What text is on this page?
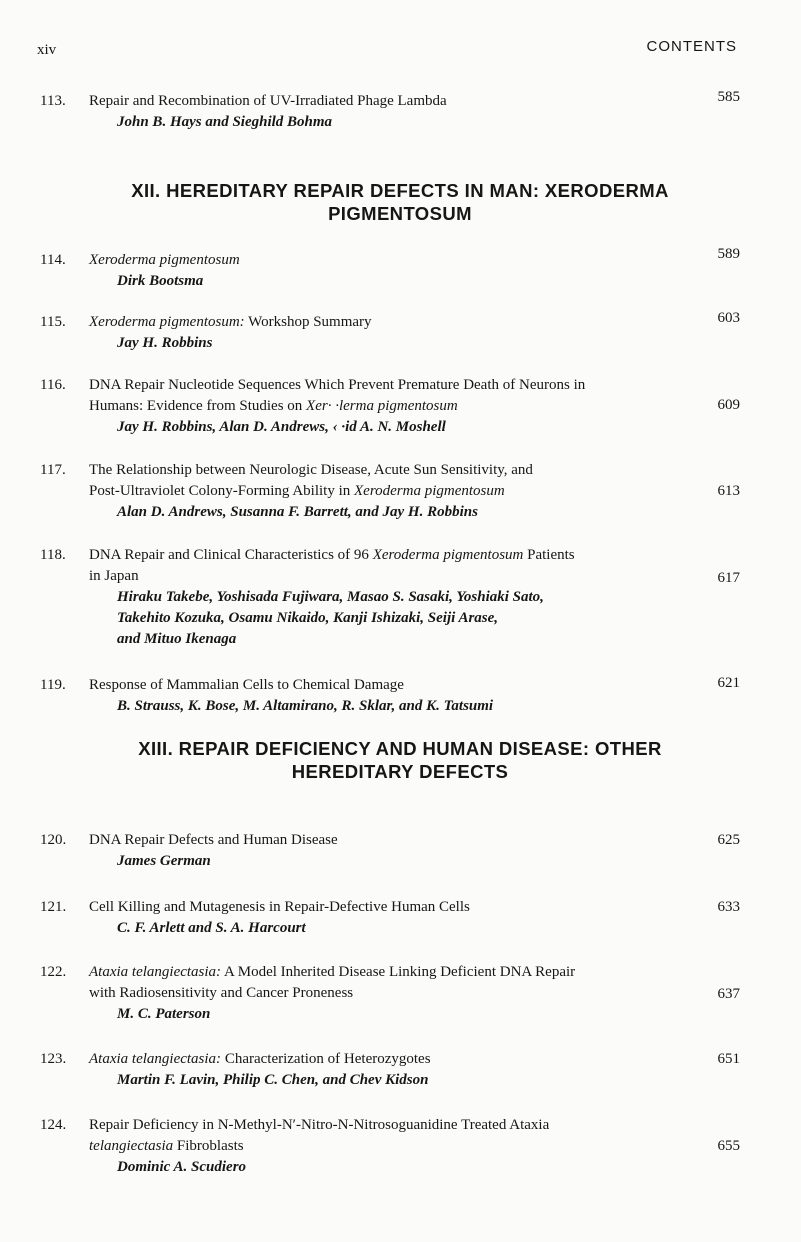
xiv	CONTENTS
113. Repair and Recombination of UV-Irradiated Phage Lambda
John B. Hays and Sieghild Bohma
585
XII. HEREDITARY REPAIR DEFECTS IN MAN: XERODERMA
PIGMENTOSUM
114. Xeroderma pigmentosum
Dirk Bootsma
589
115. Xeroderma pigmentosum: Workshop Summary
Jay H. Robbins
603
116. DNA Repair Nucleotide Sequences Which Prevent Premature Death of Neurons in
Humans: Evidence from Studies on Xer· ·lerma pigmentosum
Jay H. Robbins, Alan D. Andrews, ‹ ·id A. N. Moshell
609
117. The Relationship between Neurologic Disease, Acute Sun Sensitivity, and
Post-Ultraviolet Colony-Forming Ability in Xeroderma pigmentosum
Alan D. Andrews, Susanna F. Barrett, and Jay H. Robbins
613
118. DNA Repair and Clinical Characteristics of 96 Xeroderma pigmentosum Patients
in Japan
Hiraku Takebe, Yoshisada Fujiwara, Masao S. Sasaki, Yoshiaki Sato,
Takehito Kozuka, Osamu Nikaido, Kanji Ishizaki, Seiji Arase,
and Mituo Ikenaga
617
119. Response of Mammalian Cells to Chemical Damage
B. Strauss, K. Bose, M. Altamirano, R. Sklar, and K. Tatsumi
621
XIII. REPAIR DEFICIENCY AND HUMAN DISEASE: OTHER
HEREDITARY DEFECTS
120. DNA Repair Defects and Human Disease
James German
625
121. Cell Killing and Mutagenesis in Repair-Defective Human Cells
C. F. Arlett and S. A. Harcourt
633
122. Ataxia telangiectasia: A Model Inherited Disease Linking Deficient DNA Repair
with Radiosensitivity and Cancer Proneness
M. C. Paterson
637
123. Ataxia telangiectasia: Characterization of Heterozygotes
Martin F. Lavin, Philip C. Chen, and Chev Kidson
651
124. Repair Deficiency in N-Methyl-N′-Nitro-N-Nitrosoguanidine Treated Ataxia
telangiectasia Fibroblasts
Dominic A. Scudiero
655
